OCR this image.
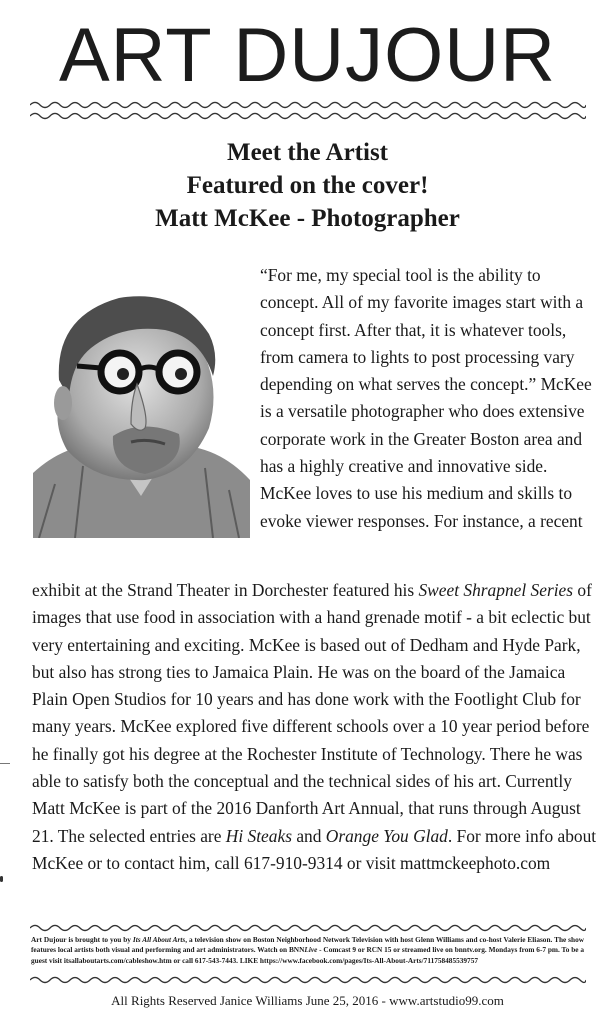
ART DUJOUR
Meet the Artist
Featured on the cover!
Matt McKee - Photographer
“For me, my special tool is the ability to concept. All of my favorite images start with a concept first. After that, it is whatever tools, from camera to lights to post processing vary depending on what serves the concept.” McKee is a versatile photographer who does extensive corporate work in the Greater Boston area and has a highly creative and innovative side. McKee loves to use his medium and skills to evoke viewer responses. For instance, a recent
exhibit at the Strand Theater in Dorchester featured his Sweet Shrapnel Series of images that use food in association with a hand grenade motif - a bit eclectic but very entertaining and exciting. McKee is based out of Dedham and Hyde Park, but also has strong ties to Jamaica Plain. He was on the board of the Jamaica Plain Open Studios for 10 years and has done work with the Footlight Club for many years. McKee explored five different schools over a 10 year period before he finally got his degree at the Rochester Institute of Technology. There he was able to satisfy both the conceptual and the technical sides of his art. Currently Matt McKee is part of the 2016 Danforth Art Annual, that runs through August 21. The selected entries are Hi Steaks and Orange You Glad. For more info about McKee or to contact him, call 617-910-9314 or visit mattmckeephoto.com
Art Dujour is brought to you by Its All About Arts, a television show on Boston Neighborhood Network Television with host Glenn Williams and co-host Valerie Eliason. The show features local artists both visual and performing and art administrators. Watch on BNNLive - Comcast 9 or RCN 15 or streamed live on bnntv.org. Mondays from 6-7 pm. To be a guest visit itsallaboutarts.com/cableshow.htm or call 617-543-7443. LIKE https://www.facebook.com/pages/Its-All-About-Arts/711758485539757
All Rights Reserved Janice Williams June 25, 2016 - www.artstudio99.com
